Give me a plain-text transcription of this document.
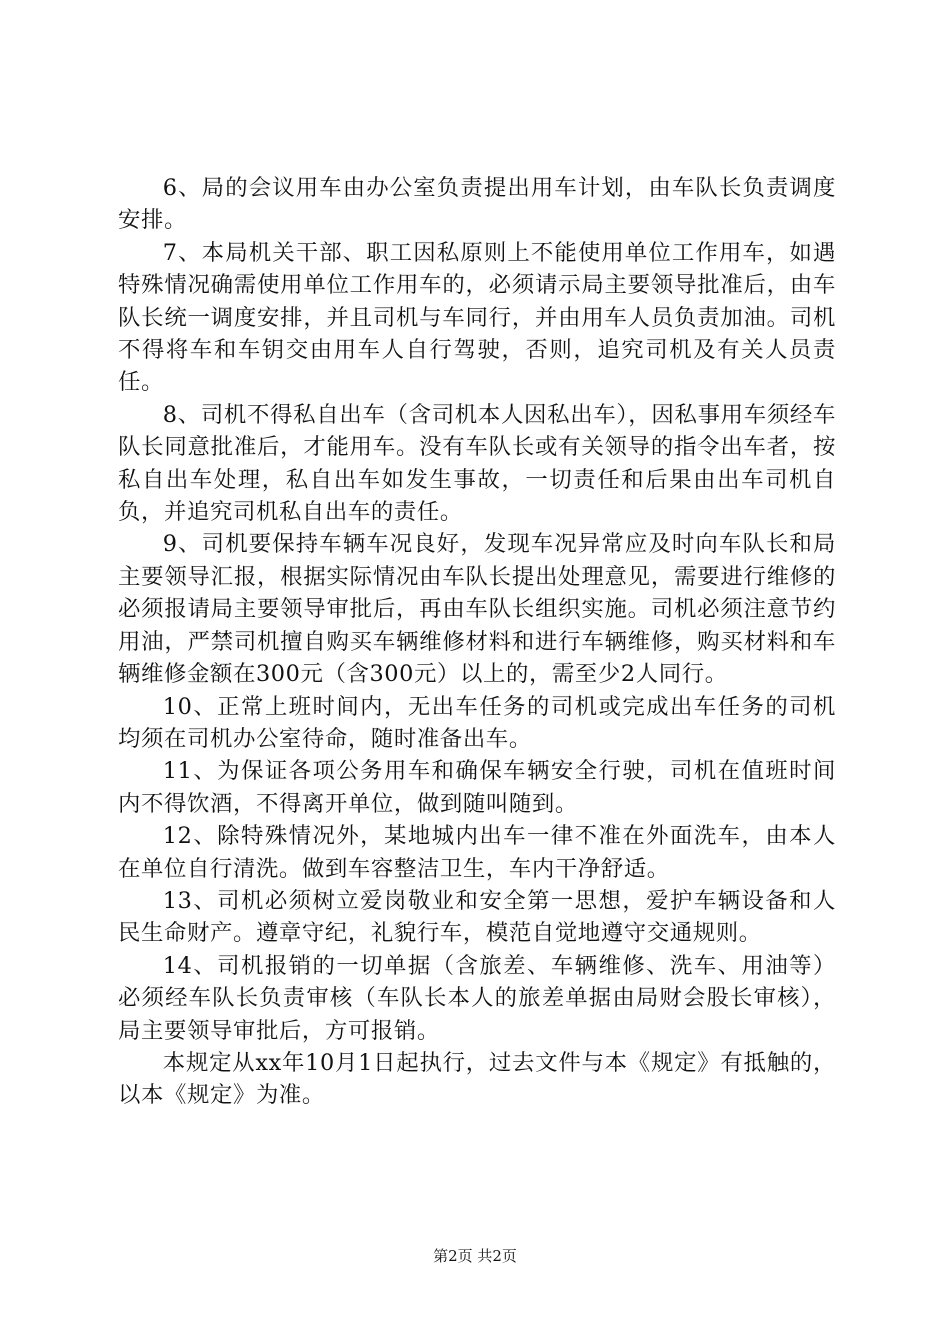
6、局的会议用车由办公室负责提出用车计划，由车队长负责调度安排。

7、本局机关干部、职工因私原则上不能使用单位工作用车，如遇特殊情况确需使用单位工作用车的，必须请示局主要领导批准后，由车队长统一调度安排，并且司机与车同行，并由用车人员负责加油。司机不得将车和车钥交由用车人自行驾驶，否则，追究司机及有关人员责任。

8、司机不得私自出车（含司机本人因私出车），因私事用车须经车队长同意批准后，才能用车。没有车队长或有关领导的指令出车者，按私自出车处理，私自出车如发生事故，一切责任和后果由出车司机自负，并追究司机私自出车的责任。

9、司机要保持车辆车况良好，发现车况异常应及时向车队长和局主要领导汇报，根据实际情况由车队长提出处理意见，需要进行维修的必须报请局主要领导审批后，再由车队长组织实施。司机必须注意节约用油，严禁司机擅自购买车辆维修材料和进行车辆维修，购买材料和车辆维修金额在300元（含300元）以上的，需至少2人同行。

10、正常上班时间内，无出车任务的司机或完成出车任务的司机均须在司机办公室待命，随时准备出车。

11、为保证各项公务用车和确保车辆安全行驶，司机在值班时间内不得饮酒，不得离开单位，做到随叫随到。

12、除特殊情况外，某地城内出车一律不准在外面洗车，由本人在单位自行清洗。做到车容整洁卫生，车内干净舒适。

13、司机必须树立爱岗敬业和安全第一思想，爱护车辆设备和人民生命财产。遵章守纪，礼貌行车，模范自觉地遵守交通规则。

14、司机报销的一切单据（含旅差、车辆维修、洗车、用油等）必须经车队长负责审核（车队长本人的旅差单据由局财会股长审核），局主要领导审批后，方可报销。

本规定从xx年10月1日起执行，过去文件与本《规定》有抵触的，以本《规定》为准。

第2页 共2页
